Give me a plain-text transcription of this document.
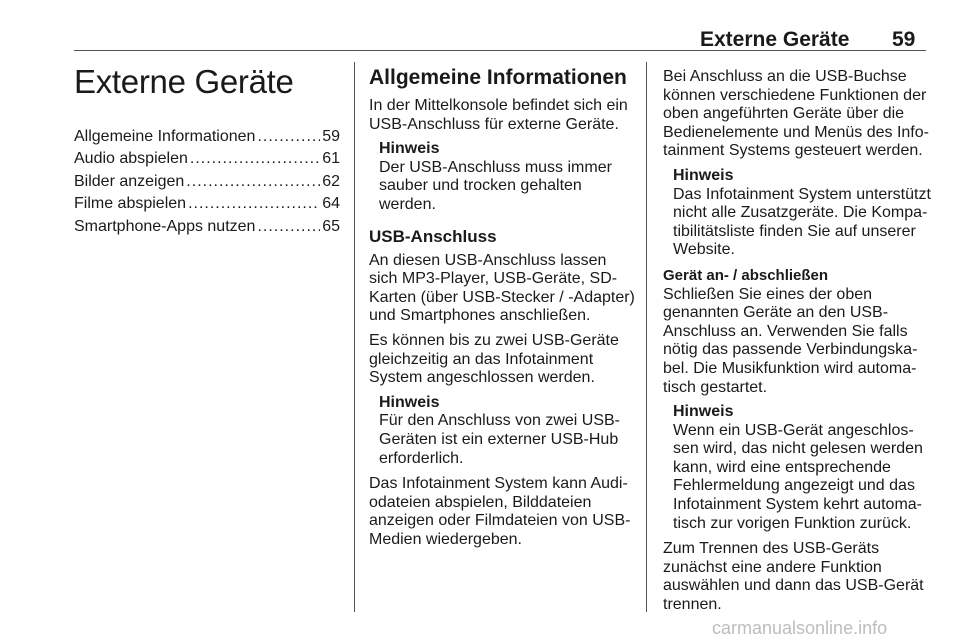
Externe Geräte 59
Externe Geräte
Allgemeine Informationen .....	59
Audio abspielen .....	61
Bilder anzeigen .....	62
Filme abspielen .....	64
Smartphone-Apps nutzen .....	65
Allgemeine Informationen

In der Mittelkonsole befindet sich ein
USB-Anschluss für externe Geräte.

Hinweis
Der USB-Anschluss muss immer
sauber und trocken gehalten
werden.
USB-Anschluss

An diesen USB-Anschluss lassen
sich MP3-Player, USB-Geräte, SD-
Karten (über USB-Stecker / -Adapter)
und Smartphones anschließen.

Es können bis zu zwei USB-Geräte
gleichzeitig an das Infotainment
System angeschlossen werden.

Hinweis
Für den Anschluss von zwei USB-
Geräten ist ein externer USB-Hub
erforderlich.

Das Infotainment System kann Audi-
odateien abspielen, Bilddateien
anzeigen oder Filmdateien von USB-
Medien wiedergeben.

Bei Anschluss an die USB-Buchse
können verschiedene Funktionen der
oben angeführten Geräte über die
Bedienelemente und Menüs des Info-
tainment Systems gesteuert werden.

Hinweis
Das Infotainment System unterstützt
nicht alle Zusatzgeräte. Die Kompa-
tibilitätsliste finden Sie auf unserer
Website.
Gerät an- / abschließen

Schließen Sie eines der oben
genannten Geräte an den USB-
Anschluss an. Verwenden Sie falls
nötig das passende Verbindungska-
bel. Die Musikfunktion wird automa-
tisch gestartet.

Hinweis
Wenn ein USB-Gerät angeschlos-
sen wird, das nicht gelesen werden
kann, wird eine entsprechende
Fehlermeldung angezeigt und das
Infotainment System kehrt automa-
tisch zur vorigen Funktion zurück.

Zum Trennen des USB-Geräts
zunächst eine andere Funktion
auswählen und dann das USB-Gerät
trennen.

carmanualsonline.info
